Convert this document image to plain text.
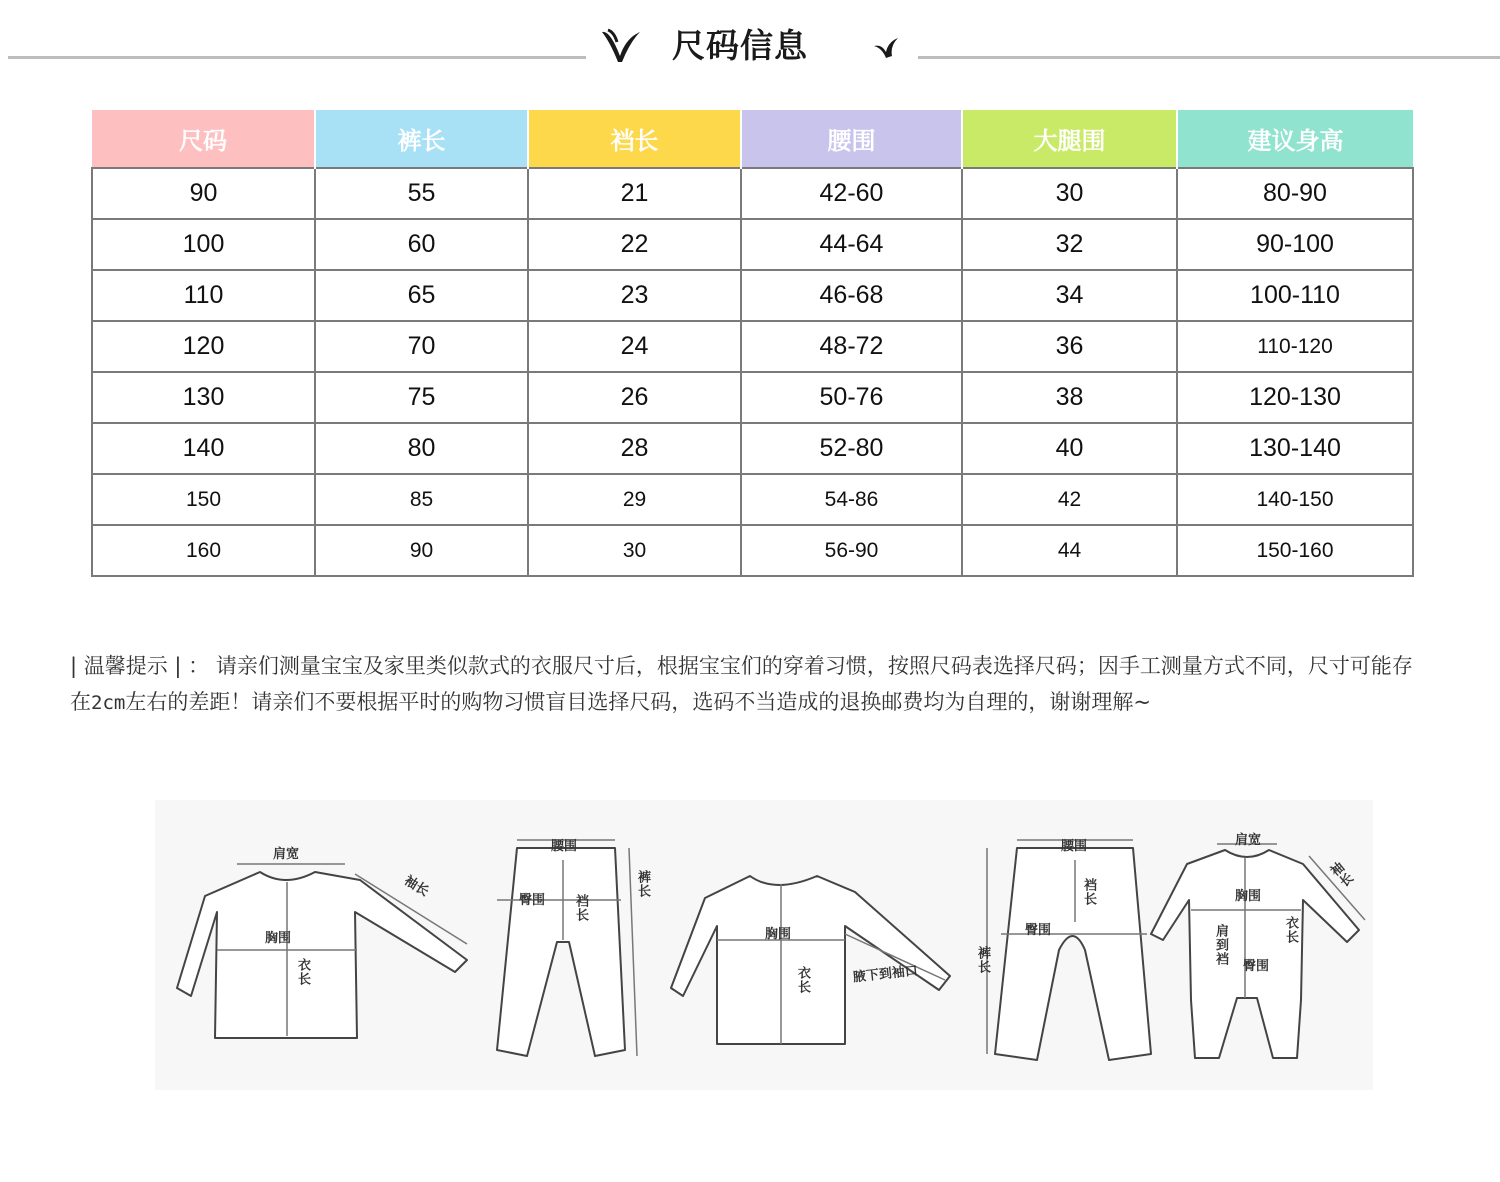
尺码信息
尺码	裤长	裆长	腰围	大腿围	建议身高
90	55	21	42-60	30	80-90
100	60	22	44-64	32	90-100
110	65	23	46-68	34	100-110
120	70	24	48-72	36	110-120
130	75	26	50-76	38	120-130
140	80	28	52-80	40	130-140
150	85	29	54-86	42	140-150
160	90	30	56-90	44	150-160
| 温馨提示 | ： 请亲们测量宝宝及家里类似款式的衣服尺寸后，根据宝宝们的穿着习惯，按照尺码表选择尺码；因手工测量方式不同，尺寸可能存在2cm左右的差距！请亲们不要根据平时的购物习惯盲目选择尺码，选码不当造成的退换邮费均为自理的，谢谢理解~
肩宽
袖长
胸围
衣长
腰围
臀围 裆长
裤长
胸围
衣长	腋下到袖口
腰围
裆长
臀围
裤长
肩宽
袖长
胸围
衣长
肩到裆
臀围
